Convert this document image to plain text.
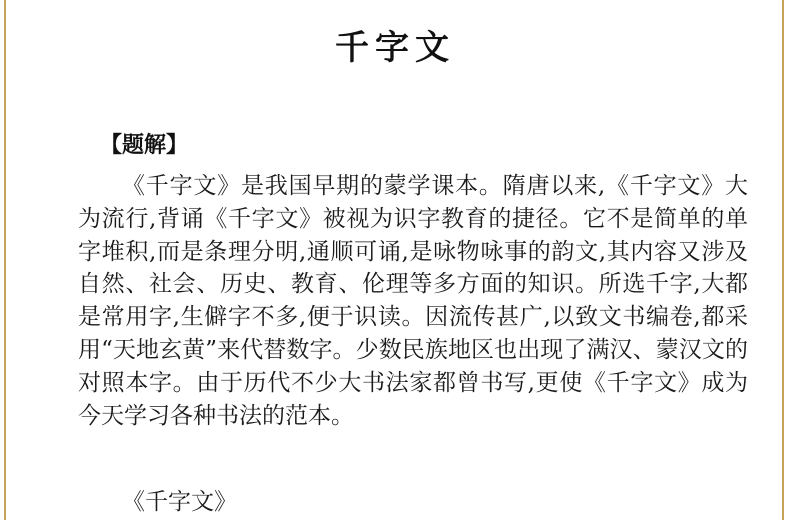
千字文
【题解】

《千字文》是我国早期的蒙学课本。隋唐以来,《千字文》大为流行,背诵《千字文》被视为识字教育的捷径。它不是简单的单字堆积,而是条理分明,通顺可诵,是咏物咏事的韵文,其内容又涉及自然、社会、历史、教育、伦理等多方面的知识。所选千字,大都是常用字,生僻字不多,便于识读。因流传甚广,以致文书编卷,都采用“天地玄黄”来代替数字。少数民族地区也出现了满汉、蒙汉文的对照本字。由于历代不少大书法家都曾书写,更使《千字文》成为今天学习各种书法的范本。

《千字文》
